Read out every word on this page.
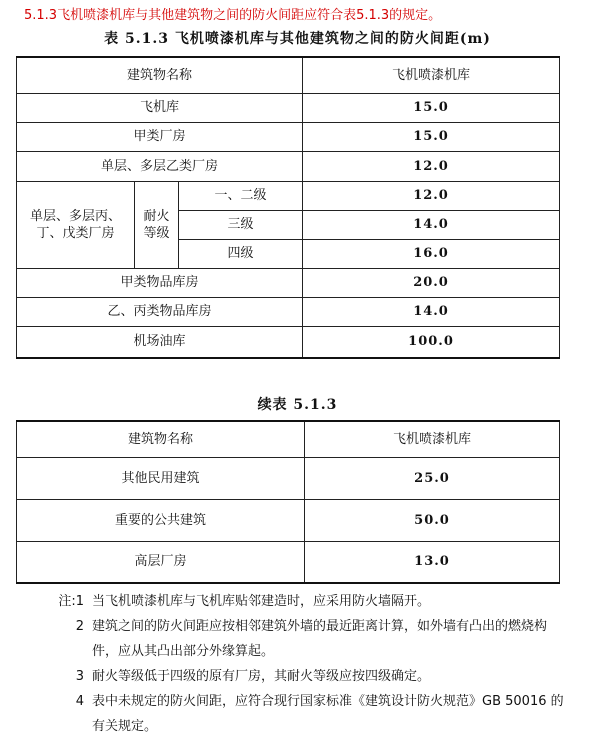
5.1.3飞机喷漆机库与其他建筑物之间的防火间距应符合表5.1.3的规定。
表 5.1.3 飞机喷漆机库与其他建筑物之间的防火间距(m)
建筑物名称			飞机喷漆机库
飞机库			15.0
甲类厂房			15.0
单层、多层乙类厂房			12.0
单层、多层丙、丁、戊类厂房	耐火等级	一、二级	12.0
		三级	14.0
		四级	16.0
甲类物品库房			20.0
乙、丙类物品库房			14.0
机场油库			100.0
续表 5.1.3
建筑物名称	飞机喷漆机库
其他民用建筑	25.0
重要的公共建筑	50.0
高层厂房	13.0
注:1 当飞机喷漆机库与飞机库贴邻建造时，应采用防火墙隔开。
2 建筑之间的防火间距应按相邻建筑外墙的最近距离计算，如外墙有凸出的燃烧构件，应从其凸出部分外缘算起。
3 耐火等级低于四级的原有厂房，其耐火等级应按四级确定。
4 表中未规定的防火间距，应符合现行国家标准《建筑设计防火规范》GB 50016 的有关规定。
